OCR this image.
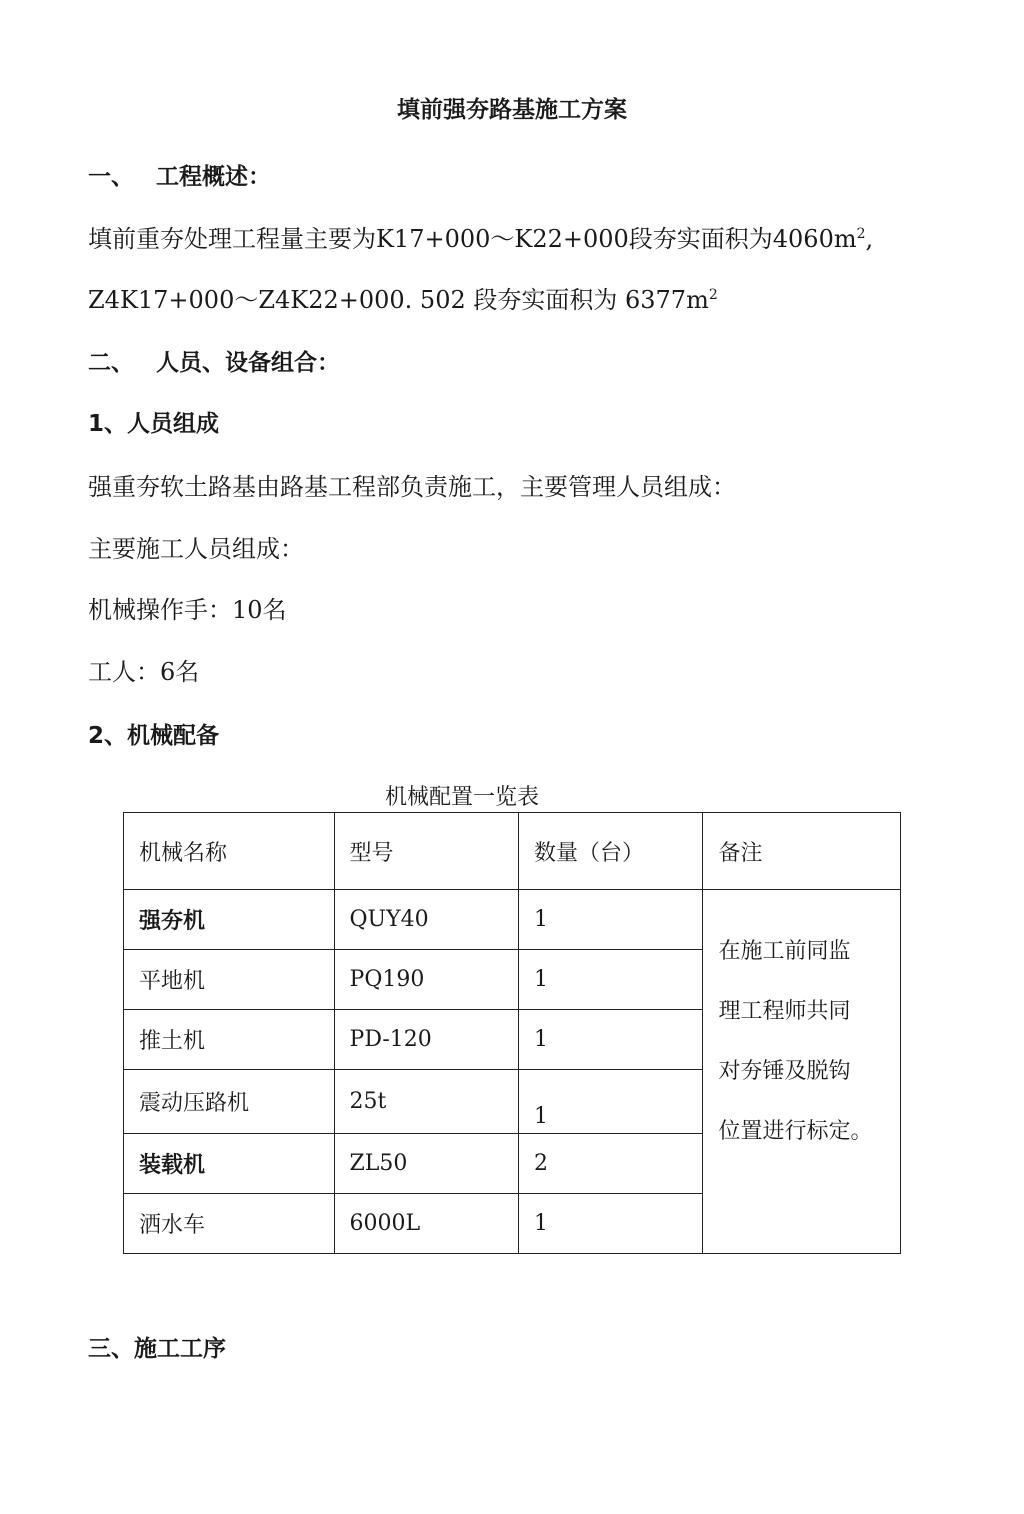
填前强夯路基施工方案
一、 工程概述：
填前重夯处理工程量主要为K17+000～K22+000段夯实面积为$4060m^2$,
Z4K17+000～Z4K22+000. 502 段夯实面积为 $6377m^2$
二、 人员、设备组合：
1、人员组成
强重夯软土路基由路基工程部负责施工，主要管理人员组成：
主要施工人员组成：
机械操作手：10名
工人：6名
2、机械配备
机械配置一览表
机械名称	型号	数量（台）	备注
强夯机	QUY40	1	在施工前同监
理工程师共同
对夯锤及脱钩
位置进行标定。

平地机	PQ190	1	
推土机	PD-120	1	
震动压路机	25t	1	
装载机	ZL50	2	
洒水车	6000L	1	
三、施工工序
